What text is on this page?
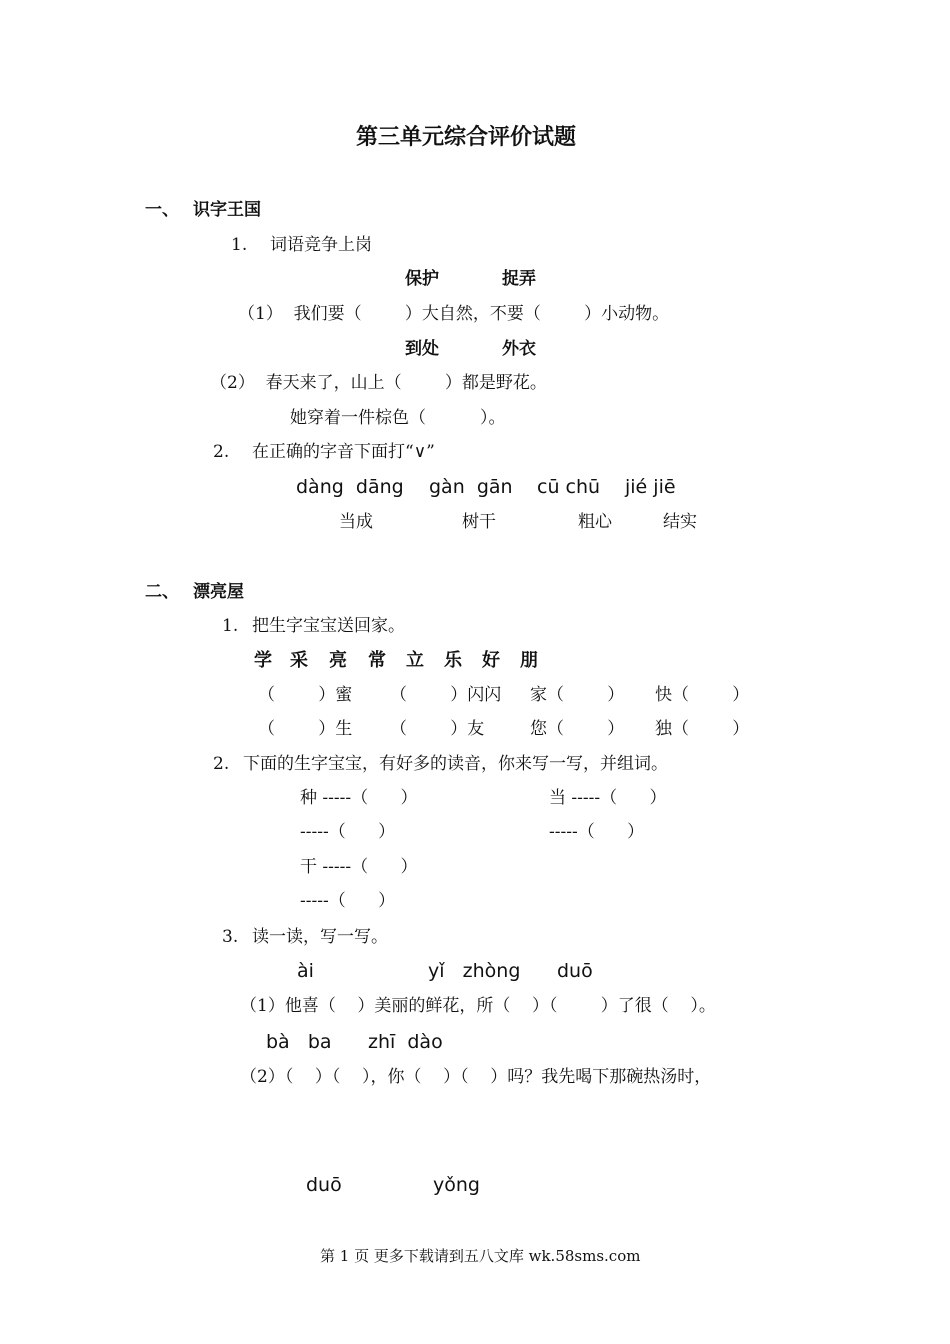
第三单元综合评价试题
一、 识字王国
1. 词语竞争上岗
保护	捉弄
（1）  我们要（        ）大自然，不要（        ）小动物。
到处	外衣
（2）  春天来了，山上（        ）都是野花。
她穿着一件棕色（          ）。
2. 在正确的字音下面打“∨”
dàng  dāng gàn  gān cū chū jié jiē
当成	树干	粗心	结实
二、 漂亮屋
1. 把生字宝宝送回家。
学 采 亮 常 立 乐 好 朋
（        ）蜜 （        ）闪闪 家（        ） 快（        ）
（        ）生 （        ）友	您（        ） 独（        ）
2. 下面的生字宝宝，有好多的读音，你来写一写，并组词。
种 -----（      ）	当 -----（      ）
-----（      ）	-----（      ）
干 -----（      ）
-----（      ）
3. 读一读，写一写。
ài	yǐ   zhòng duō
（1）他喜（    ）美丽的鲜花，所（    ）（        ）了很（    ）。
bà   ba zhī  dào
（2）（    ）（    ），你（    ）（    ）吗？我先喝下那碗热汤时，
duō	yǒng
第 1 页 更多下载请到五八文库 wk.58sms.com
